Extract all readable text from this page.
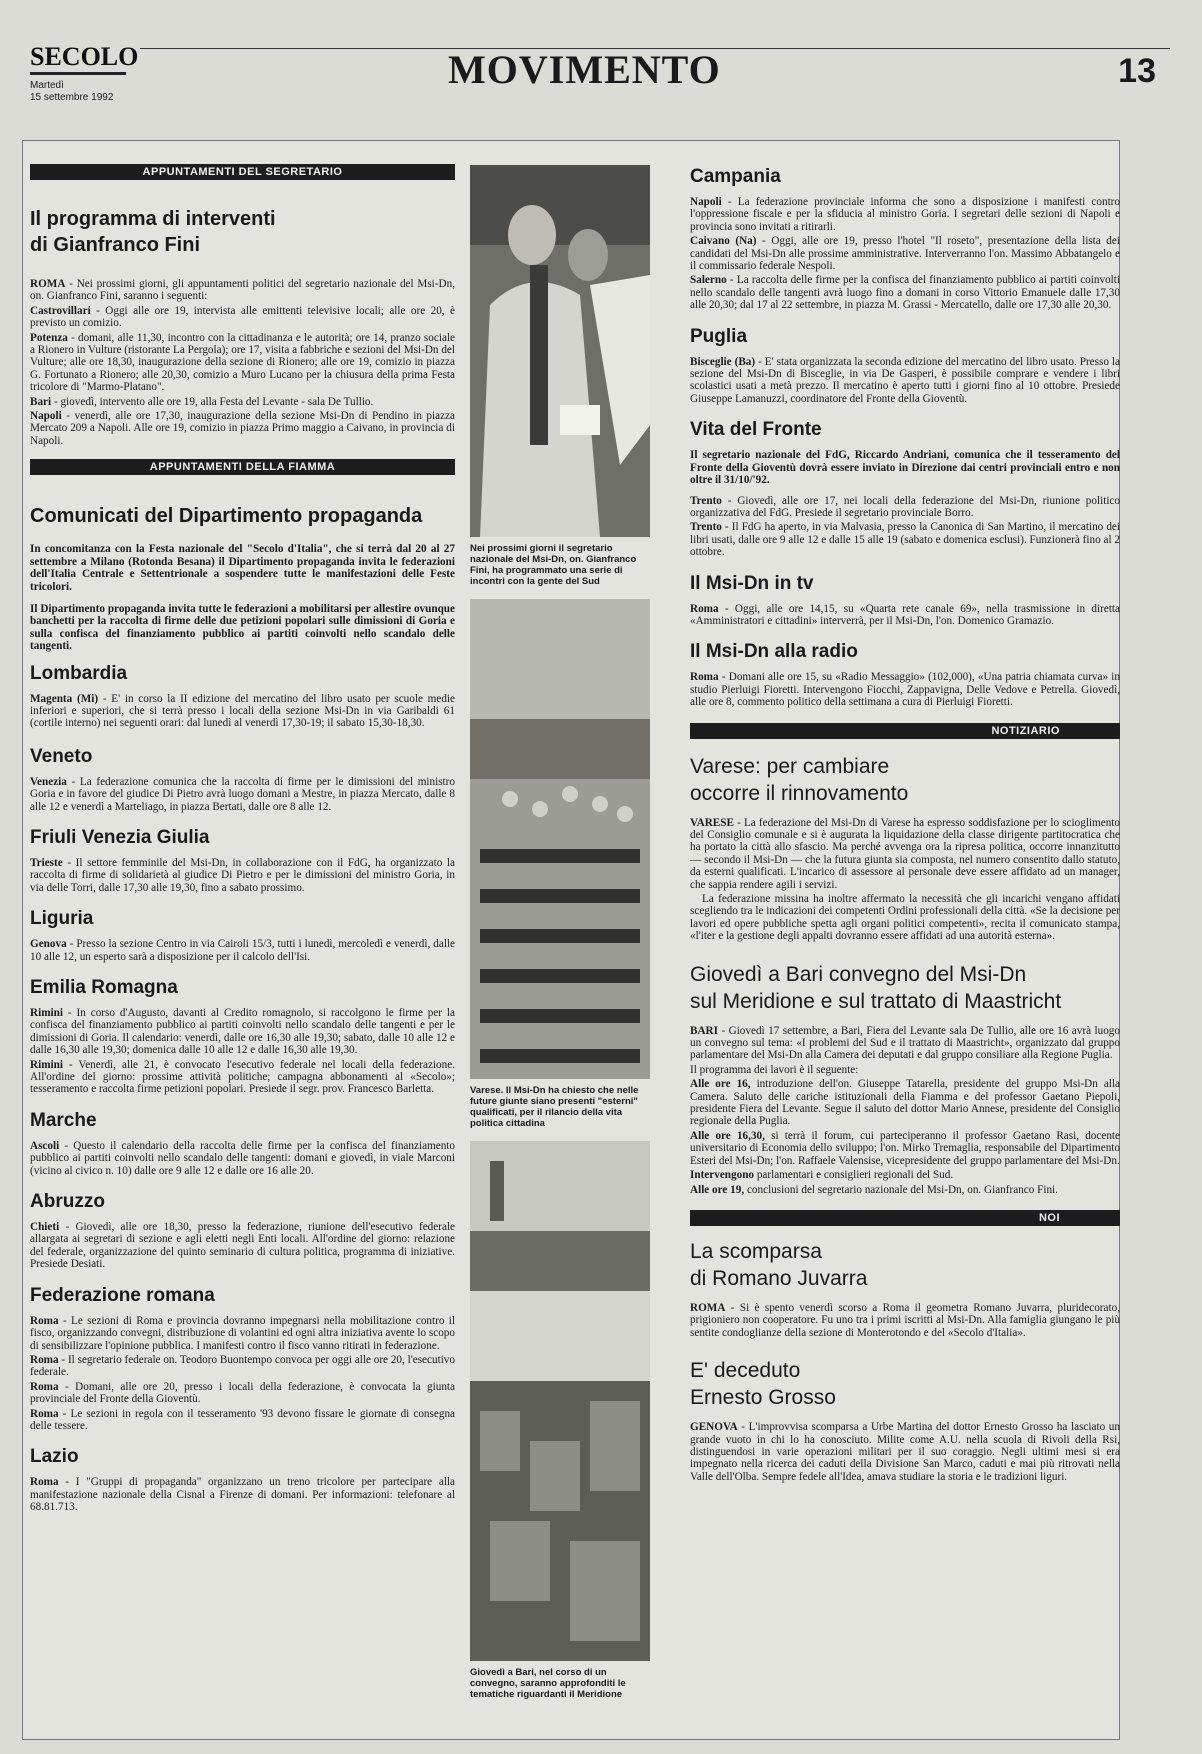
SECOLO
Martedì
15 settembre 1992
MOVIMENTO	13
APPUNTAMENTI DEL SEGRETARIO
Il programma di interventi
di Gianfranco Fini

ROMA - Nei prossimi giorni, gli appuntamenti politici del segretario nazionale del Msi-Dn, on. Gianfranco Fini, saranno i seguenti:

Castrovillari - Oggi alle ore 19, intervista alle emittenti televisive locali; alle ore 20, è previsto un comizio.

Potenza - domani, alle 11,30, incontro con la cittadinanza e le autorità; ore 14, pranzo sociale a Rionero in Vulture (ristorante La Pergola); ore 17, visita a fabbriche e sezioni del Msi-Dn del Vulture; alle ore 18,30, inaugurazione della sezione di Rionero; alle ore 19, comizio in piazza G. Fortunato a Rionero; alle 20,30, comizio a Muro Lucano per la chiusura della prima Festa tricolore di "Marmo-Platano".

Bari - giovedì, intervento alle ore 19, alla Festa del Levante - sala De Tullio.

Napoli - venerdì, alle ore 17,30, inaugurazione della sezione Msi-Dn di Pendino in piazza Mercato 209 a Napoli. Alle ore 19, comizio in piazza Primo maggio a Caivano, in provincia di Napoli.

APPUNTAMENTI DELLA FIAMMA
Comunicati del Dipartimento propaganda

In concomitanza con la Festa nazionale del "Secolo d'Italia", che si terrà dal 20 al 27 settembre a Milano (Rotonda Besana) il Dipartimento propaganda invita le federazioni dell'Italia Centrale e Settentrionale a sospendere tutte le manifestazioni delle Feste tricolori.

Il Dipartimento propaganda invita tutte le federazioni a mobilitarsi per allestire ovunque banchetti per la raccolta di firme delle due petizioni popolari sulle dimissioni di Goria e sulla confisca del finanziamento pubblico ai partiti coinvolti nello scandalo delle tangenti.

Lombardia

Magenta (Mi) - E' in corso la II edizione del mercatino del libro usato per scuole medie inferiori e superiori, che si terrà presso i locali della sezione Msi-Dn in via Garibaldi 61 (cortile interno) nei seguenti orari: dal lunedì al venerdì 17,30-19; il sabato 15,30-18,30.

Veneto

Venezia - La federazione comunica che la raccolta di firme per le dimissioni del ministro Goria e in favore del giudice Di Pietro avrà luogo domani a Mestre, in piazza Mercato, dalle 8 alle 12 e venerdì a Marteliago, in piazza Bertati, dalle ore 8 alle 12.

Friuli Venezia Giulia

Trieste - Il settore femminile del Msi-Dn, in collaborazione con il FdG, ha organizzato la raccolta di firme di solidarietà al giudice Di Pietro e per le dimissioni del ministro Goria, in via delle Torri, dalle 17,30 alle 19,30, fino a sabato prossimo.

Liguria

Genova - Presso la sezione Centro in via Cairoli 15/3, tutti i lunedì, mercoledì e venerdì, dalle 10 alle 12, un esperto sarà a disposizione per il calcolo dell'Isi.

Emilia Romagna

Rimini - In corso d'Augusto, davanti al Credito romagnolo, si raccolgono le firme per la confisca del finanziamento pubblico ai partiti coinvolti nello scandalo delle tangenti e per le dimissioni di Goria. Il calendario: venerdì, dalle ore 16,30 alle 19,30; sabato, dalle 10 alle 12 e dalle 16,30 alle 19,30; domenica dalle 10 alle 12 e dalle 16,30 alle 19,30.

Rimini - Venerdì, alle 21, è convocato l'esecutivo federale nel locali della federazione. All'ordine del giorno: prossime attività politiche; campagna abbonamenti al «Secolo»; tesseramento e raccolta firme petizioni popolari. Presiede il segr. prov. Francesco Barletta.

Marche

Ascoli - Questo il calendario della raccolta delle firme per la confisca del finanziamento pubblico ai partiti coinvolti nello scandalo delle tangenti: domani e giovedì, in viale Marconi (vicino al civico n. 10) dalle ore 9 alle 12 e dalle ore 16 alle 20.

Abruzzo

Chieti - Giovedì, alle ore 18,30, presso la federazione, riunione dell'esecutivo federale allargata ai segretari di sezione e agli eletti negli Enti locali. All'ordine del giorno: relazione del federale, organizzazione del quinto seminario di cultura politica, programma di iniziative. Presiede Desiati.

Federazione romana

Roma - Le sezioni di Roma e provincia dovranno impegnarsi nella mobilitazione contro il fisco, organizzando convegni, distribuzione di volantini ed ogni altra iniziativa avente lo scopo di sensibilizzare l'opinione pubblica. I manifesti contro il fisco vanno ritirati in federazione.

Roma - Il segretario federale on. Teodoro Buontempo convoca per oggi alle ore 20, l'esecutivo federale.

Roma - Domani, alle ore 20, presso i locali della federazione, è convocata la giunta provinciale del Fronte della Gioventù.

Roma - Le sezioni in regola con il tesseramento '93 devono fissare le giornate di consegna delle tessere.

Lazio

Roma - I "Gruppi di propaganda" organizzano un treno tricolore per partecipare alla manifestazione nazionale della Cisnal a Firenze di domani. Per informazioni: telefonare al 68.81.713.

Nei prossimi giorni il segretario nazionale del Msi-Dn, on. Gianfranco Fini, ha programmato una serie di incontri con la gente del Sud
Varese. Il Msi-Dn ha chiesto che nelle future giunte siano presenti "esterni" qualificati, per il rilancio della vita politica cittadina
Giovedì a Bari, nel corso di un convegno, saranno approfonditi le tematiche riguardanti il Meridione
Campania

Napoli - La federazione provinciale informa che sono a disposizione i manifesti contro l'oppressione fiscale e per la sfiducia al ministro Goria. I segretari delle sezioni di Napoli e provincia sono invitati a ritirarli.

Caivano (Na) - Oggi, alle ore 19, presso l'hotel "Il roseto", presentazione della lista dei candidati del Msi-Dn alle prossime amministrative. Interverranno l'on. Massimo Abbatangelo e il commissario federale Nespoli.

Salerno - La raccolta delle firme per la confisca del finanziamento pubblico ai partiti coinvolti nello scandalo delle tangenti avrà luogo fino a domani in corso Vittorio Emanuele dalle 17,30 alle 20,30; dal 17 al 22 settembre, in piazza M. Grassi - Mercatello, dalle ore 17,30 alle 20,30.

Puglia

Bisceglie (Ba) - E' stata organizzata la seconda edizione del mercatino del libro usato. Presso la sezione del Msi-Dn di Bisceglie, in via De Gasperi, è possibile comprare e vendere i libri scolastici usati a metà prezzo. Il mercatino è aperto tutti i giorni fino al 10 ottobre. Presiede Giuseppe Lamanuzzi, coordinatore del Fronte della Gioventù.

Vita del Fronte

Il segretario nazionale del FdG, Riccardo Andriani, comunica che il tesseramento del Fronte della Gioventù dovrà essere inviato in Direzione dai centri provinciali entro e non oltre il 31/10/'92.

Trento - Giovedì, alle ore 17, nei locali della federazione del Msi-Dn, riunione politico organizzativa del FdG. Presiede il segretario provinciale Borro.

Trento - Il FdG ha aperto, in via Malvasia, presso la Canonica di San Martino, il mercatino dei libri usati, dalle ore 9 alle 12 e dalle 15 alle 19 (sabato e domenica esclusi). Funzionerà fino al 2 ottobre.

Il Msi-Dn in tv

Roma - Oggi, alle ore 14,15, su «Quarta rete canale 69», nella trasmissione in diretta «Amministratori e cittadini» interverrà, per il Msi-Dn, l'on. Domenico Gramazio.

Il Msi-Dn alla radio

Roma - Domani alle ore 15, su «Radio Messaggio» (102,000), «Una patria chiamata curva» in studio Pierluigi Fioretti. Intervengono Fiocchi, Zappavigna, Delle Vedove e Petrella. Giovedì, alle ore 8, commento politico della settimana a cura di Pierluigi Fioretti.

NOTIZIARIO
Varese: per cambiare
occorre il rinnovamento

VARESE - La federazione del Msi-Dn di Varese ha espresso soddisfazione per lo scioglimento del Consiglio comunale e si è augurata la liquidazione della classe dirigente partitocratica che ha portato la città allo sfascio. Ma perché avvenga ora la ripresa politica, occorre innanzitutto — secondo il Msi-Dn — che la futura giunta sia composta, nel numero consentito dallo statuto, da esterni qualificati. L'incarico di assessore al personale deve essere affidato ad un manager, che sappia rendere agili i servizi.

La federazione missina ha inoltre affermato la necessità che gli incarichi vengano affidati scegliendo tra le indicazioni dei competenti Ordini professionali della città. «Se la decisione per lavori ed opere pubbliche spetta agli organi politici competenti», recita il comunicato stampa, «l'iter e la gestione degli appalti dovranno essere affidati ad una autorità esterna».

Giovedì a Bari convegno del Msi-Dn
sul Meridione e sul trattato di Maastricht

BARI - Giovedì 17 settembre, a Bari, Fiera del Levante sala De Tullio, alle ore 16 avrà luogo un convegno sul tema: «I problemi del Sud e il trattato di Maastricht», organizzato dal gruppo parlamentare del Msi-Dn alla Camera dei deputati e dal gruppo consiliare alla Regione Puglia.

Il programma dei lavori è il seguente:

Alle ore 16, introduzione dell'on. Giuseppe Tatarella, presidente del gruppo Msi-Dn alla Camera. Saluto delle cariche istituzionali della Fiamma e del professor Gaetano Piepoli, presidente Fiera del Levante. Segue il saluto del dottor Mario Annese, presidente del Consiglio regionale della Puglia.

Alle ore 16,30, si terrà il forum, cui parteciperanno il professor Gaetano Rasi, docente universitario di Economia dello sviluppo; l'on. Mirko Tremaglia, responsabile del Dipartimento Esteri del Msi-Dn; l'on. Raffaele Valensise, vicepresidente del gruppo parlamentare del Msi-Dn.

Intervengono parlamentari e consiglieri regionali del Sud.

Alle ore 19, conclusioni del segretario nazionale del Msi-Dn, on. Gianfranco Fini.

NOI
La scomparsa
di Romano Juvarra

ROMA - Si è spento venerdì scorso a Roma il geometra Romano Juvarra, pluridecorato, prigioniero non cooperatore. Fu uno tra i primi iscritti al Msi-Dn. Alla famiglia giungano le più sentite condoglianze della sezione di Monterotondo e del «Secolo d'Italia».

E' deceduto
Ernesto Grosso

GENOVA - L'improvvisa scomparsa a Urbe Martina del dottor Ernesto Grosso ha lasciato un grande vuoto in chi lo ha conosciuto. Milite come A.U. nella scuola di Rivoli della Rsi, distinguendosi in varie operazioni militari per il suo coraggio. Negli ultimi mesi si era impegnato nella ricerca dei caduti della Divisione San Marco, caduti e mai più ritrovati nella Valle dell'Olba. Sempre fedele all'Idea, amava studiare la storia e le tradizioni liguri.
